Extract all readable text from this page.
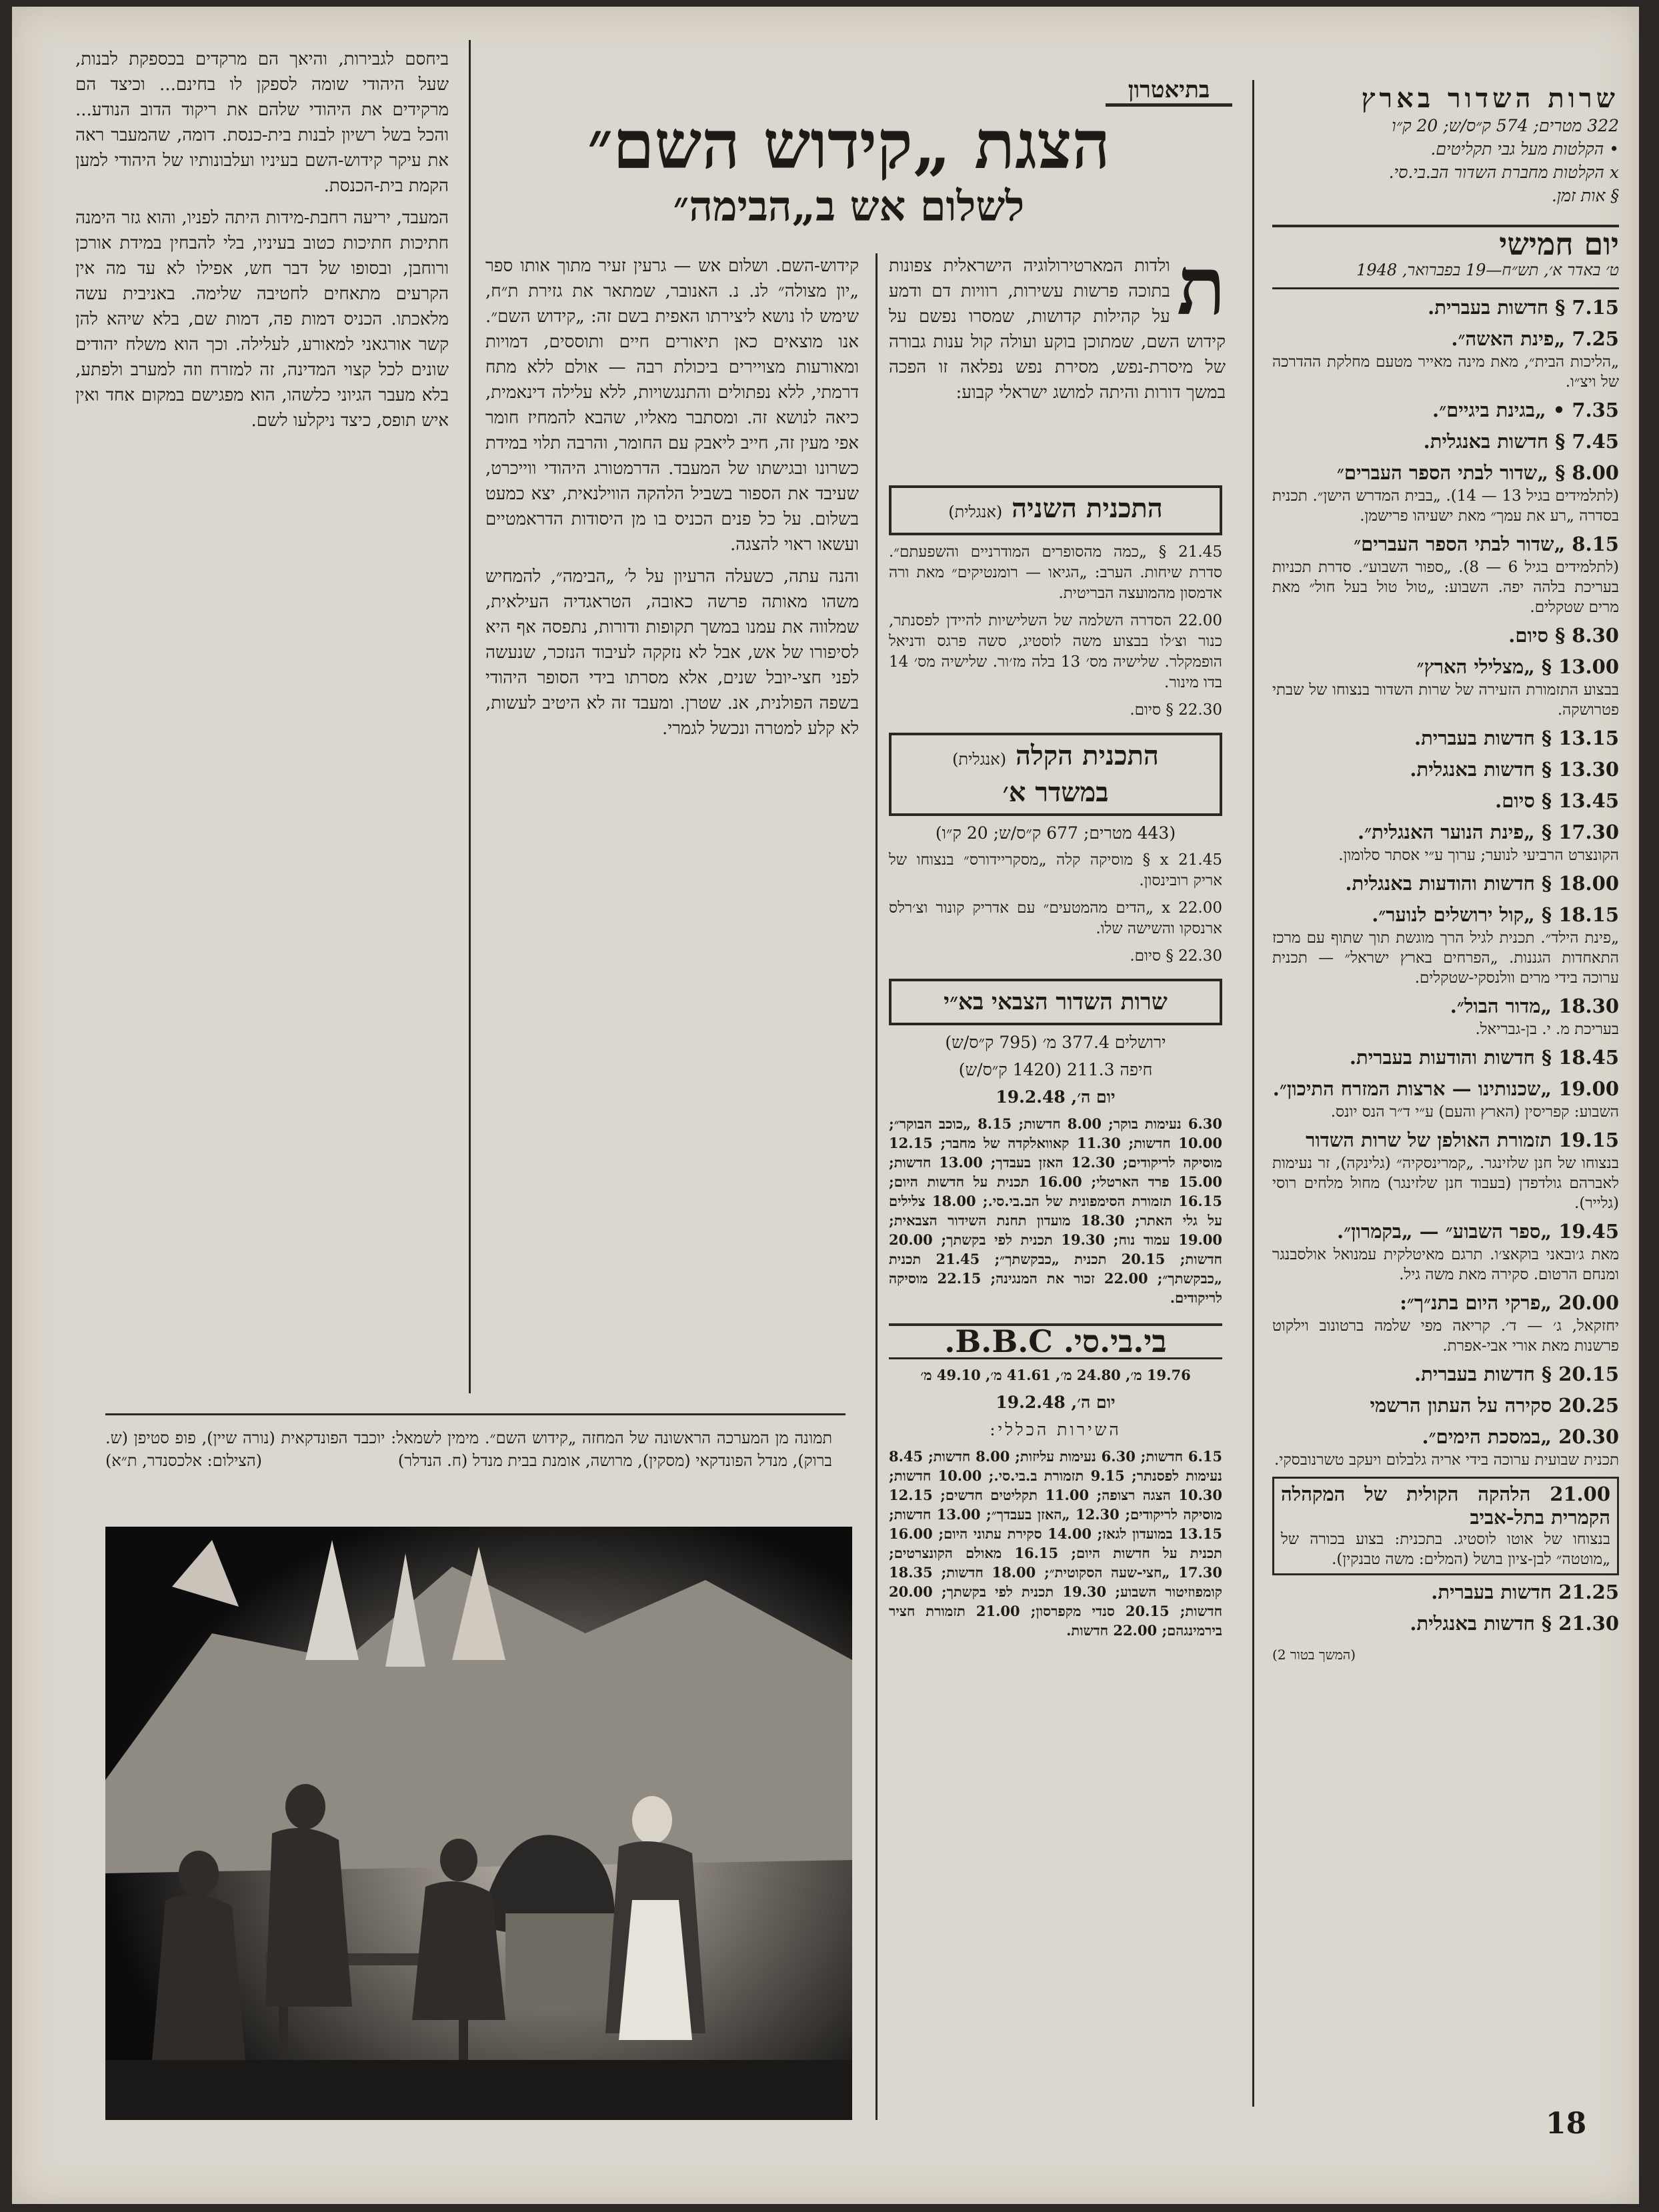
שרות השדור בארץ
322 מטרים; 574 ק״ס/ש; 20 ק״ו
• הקלטות מעל גבי תקליטים.
x הקלטות מחברת השדור הב.בי.סי.
§ אות זמן.
יום חמישי
ט׳ באדר א׳, תש״ח—19 בפברואר, 1948
7.15 § חדשות בעברית.
7.25 „פינת האשה״.
„הליכות הבית״, מאת מינה מאייר מטעם מחלקת ההדרכה של ויצ״ו.
7.35 • „בגינת ביגיים״.
7.45 § חדשות באנגלית.
8.00 § „שדור לבתי הספר העברים״
(לתלמידים בגיל 13 — 14). „בבית המדרש הישן״. תכנית בסדרה „רע את עמך״ מאת ישעיהו פרישמן.
8.15 „שדור לבתי הספר העברים״
(לתלמידים בגיל 6 — 8). „ספור השבוע״. סדרת תכניות בעריכת בלהה יפה. השבוע: „טול טול בעל חול״ מאת מרים שטקלים.
8.30 § סיום.
13.00 § „מצלילי הארץ״
בבצוע התזמורת הזעירה של שרות השדור בנצוחו של שבתי פטרושקה.
13.15 § חדשות בעברית.
13.30 § חדשות באנגלית.
13.45 § סיום.
17.30 § „פינת הנוער האנגלית״.
הקונצרט הרביעי לנוער; ערוך ע״י אסתר סלומון.
18.00 § חדשות והודעות באנגלית.
18.15 § „קול ירושלים לנוער״.
„פינת הילד״. תכנית לגיל הרך מוגשת תוך שתוף עם מרכז התאחדות הגננות. „הפרחים בארץ ישראל״ — תכנית ערוכה בידי מרים וולנסקי-שטקלים.
18.30 „מדור הבול״.
בעריכת מ. י. בן-גבריאל.
18.45 § חדשות והודעות בעברית.
19.00 „שכנותינו — ארצות המזרח התיכון״.
השבוע: קפריסין (הארץ והעם) ע״י ד״ר הנס יונס.
19.15 תזמורת האולפן של שרות השדור
בנצוחו של חנן שלזינגר. „קמרינסקיה״ (גלינקה), זר נעימות לאברהם גולדפדן (בעבוד חנן שלזינגר) מחול מלחים רוסי (גלייר).
19.45 „ספר השבוע״ — „בקמרון״.
מאת ג׳ובאני בוקאצ׳ו. תרגם מאיטלקית עמנואל אולסבנגר ומנחם הרטום. סקירה מאת משה גיל.
20.00 „פרקי היום בתנ״ך״:
יחזקאל, ג׳ — ד׳. קריאה מפי שלמה ברטונוב וילקוט פרשנות מאת אורי אבי-אפרת.
20.15 § חדשות בעברית.
20.25 סקירה על העתון הרשמי
20.30 „במסכת הימים״.
תכנית שבועית ערוכה בידי אריה גלבלום ויעקב טשרנובסקי.
21.00 הלהקה הקולית של המקהלה הקמרית בתל-אביב
בנצוחו של אוטו לוסטיג. בתכנית: בצוע בכורה של „מוטטה״ לבן-ציון בושל (המלים: משה טבנקין).
21.25 חדשות בעברית.
21.30 § חדשות באנגלית.
(המשך בטור 2)
בתיאטרון

הצגת „קידוש השם״

לשלום אש ב„הבימה״

ת
ולדות המארטירולוגיה הישראלית צפונות בתוכה פרשות עשירות, רוויות דם ודמע על קהילות קדושות, שמסרו נפשם על קידוש השם, שמתוכן בוקע ועולה קול ענות גבורה של מיסרת-נפש, מסירת נפש נפלאה זו הפכה במשך דורות והיתה למושג ישראלי קבוע:

התכנית השניה (אנגלית)
21.45 § „כמה מהסופרים המודרניים והשפעתם״. סדרת שיחות. הערב: „הגיאו — רומנטיקים״ מאת ורה אדמסון מהמועצה הבריטית.
22.00 הסדרה השלמה של השלישיות להיידן לפסנתר, כנור וצ׳לו בבצוע משה לוסטיג, סשה פרגס ודניאל הופמקלר. שלישיה מס׳ 13 בלה מז׳ור. שלישיה מס׳ 14 בדו מינור.
22.30 § סיום.
התכנית הקלה (אנגלית)
במשדר א׳
(443 מטרים; 677 ק״ס/ש; 20 ק״ו)
21.45 x § מוסיקה קלה „מסקריידורס״ בנצוחו של אריק רובינסון.
22.00 x „הדים מהמטעים״ עם אדריק קונור וצ׳רלס ארנסקו והשישה שלו.
22.30 § סיום.
שרות השדור הצבאי בא״י
ירושלים 377.4 מ׳ (795 ק״ס/ש)
חיפה 211.3 (1420 ק״ס/ש)
יום ה׳, 19.2.48
6.30 נעימות בוקר; 8.00 חדשות; 8.15 „כוכב הבוקר״; 10.00 חדשות; 11.30 קאוואלקדה של מחבר; 12.15 מוסיקה לריקודים; 12.30 האזן בעבדך; 13.00 חדשות; 15.00 פרד הארטלי; 16.00 תכנית על חדשות היום; 16.15 תזמורת הסימפונית של הב.בי.סי.; 18.00 צלילים על גלי האתר; 18.30 מועדון תחנת השידור הצבאית; 19.00 עמוד נוח; 19.30 תכנית לפי בקשתך; 20.00 חדשות; 20.15 תכנית „כבקשתך״; 21.45 תכנית „כבקשתך״; 22.00 זכור את המנגינה; 22.15 מוסיקה לריקודים.
בי.בי.סי. B.B.C.
19.76 מ׳, 24.80 מ׳, 41.61 מ׳, 49.10 מ׳
יום ה׳, 19.2.48
השירות הכללי:
6.15 חדשות; 6.30 נעימות עליזות; 8.00 חדשות; 8.45 נעימות לפסנתר; 9.15 תזמורת ב.בי.סי.; 10.00 חדשות; 10.30 הצגה רצופה; 11.00 תקליטים חדשים; 12.15 מוסיקה לריקודים; 12.30 „האזן בעבדך״; 13.00 חדשות; 13.15 במועדון לגאז; 14.00 סקירת עתוני היום; 16.00 תכנית על חדשות היום; 16.15 מאולם הקונצרטים; 17.30 „חצי-שעה הסקוטית״; 18.00 חדשות; 18.35 קומפוזיטור השבוע; 19.30 תכנית לפי בקשתך; 20.00 חדשות; 20.15 סנדי מקפרסון; 21.00 תזמורת חציר בירמינגהם; 22.00 חדשות.

קידוש-השם. ושלום אש — גרעין זעיר מתוך אותו ספר „יון מצולה״ לנ. נ. האנובר, שמתאר את גזירת ת״ח, שימש לו נושא ליצירתו האפית בשם זה: „קידוש השם״. אנו מוצאים כאן תיאורים חיים ותוססים, דמויות ומאורעות מצויירים ביכולת רבה — אולם ללא מתח דרמתי, ללא נפתולים והתנגשויות, ללא עלילה דינאמית, כיאה לנושא זה. ומסתבר מאליו, שהבא להמחיז חומר אפי מעין זה, חייב ליאבק עם החומר, והרבה תלוי במידת כשרונו ובגישתו של המעבד. הדרמטורג היהודי ווייכרט, שעיבד את הספור בשביל הלהקה הווילנאית, יצא כמעט בשלום. על כל פנים הכניס בו מן היסודות הדראמטיים ועשאו ראוי להצגה.

והנה עתה, כשעלה הרעיון על ל׳ „הבימה״, להמחיש משהו מאותה פרשה כאובה, הטראגדיה העילאית, שמלווה את עמנו במשך תקופות ודורות, נתפסה אף היא לסיפורו של אש, אבל לא נזקקה לעיבוד הנזכר, שנעשה לפני חצי-יובל שנים, אלא מסרתו בידי הסופר היהודי בשפה הפולנית, אנ. שטרן. ומעבד זה לא היטיב לעשות, לא קלע למטרה ונכשל לגמרי.

ביחסם לגבירות, והיאך הם מרקדים בכספקת לבנות, שעל היהודי שומה לספקן לו בחינם... וכיצד הם מרקידים את היהודי שלהם את ריקוד הדוב הנודע... והכל בשל רשיון לבנות בית-כנסת. דומה, שהמעבר ראה את עיקר קידוש-השם בעיניו ועלבונותיו של היהודי למען הקמת בית-הכנסת.

המעבד, יריעה רחבת-מידות היתה לפניו, והוא גזר הימנה חתיכות חתיכות כטוב בעיניו, בלי להבחין במידת אורכן ורוחבן, ובסופו של דבר חש, אפילו לא עד מה אין הקרעים מתאחים לחטיבה שלימה. באניבית עשה מלאכתו. הכניס דמות פה, דמות שם, בלא שיהא להן קשר אורגאני למאורע, לעלילה. וכך הוא משלח יהודים שונים לכל קצוי המדינה, זה למזרח וזה למערב ולפתע, בלא מעבר הגיוני כלשהו, הוא מפגישם במקום אחד ואין איש תופס, כיצד ניקלעו לשם.

תמונה מן המערכה הראשונה של המחזה „קידוש השם״. מימין לשמאל: יוכבד הפונדקאית (נורה שיין), פופ סטיפן (ש. ברוק), מנדל הפונדקאי (מסקין), מרושה, אומנת בבית מנדל (ח. הנדלר)
(הצילום: אלכסנדר, ת״א)
18
